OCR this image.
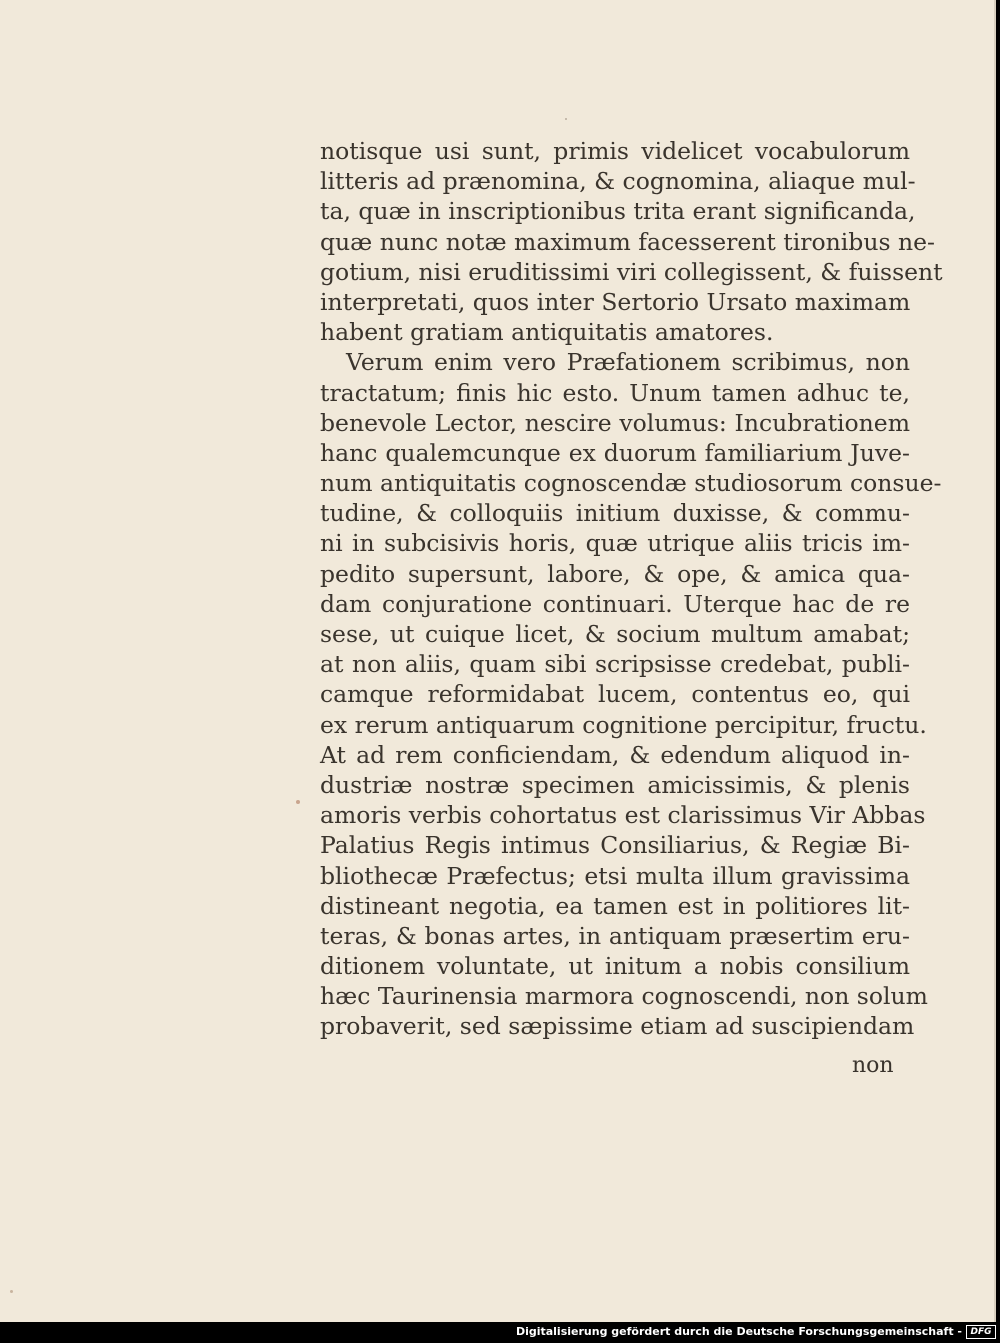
notisque usi sunt, primis videlicet vocabulorum
litteris ad prænomina, & cognomina, aliaque mul-
ta, quæ in inscriptionibus trita erant significanda,
quæ nunc notæ maximum facesserent tironibus ne-
gotium, nisi eruditissimi viri collegissent, & fuissent
interpretati, quos inter Sertorio Ursato maximam
habent gratiam antiquitatis amatores.
Verum enim vero Præfationem scribimus, non
tractatum; finis hic esto. Unum tamen adhuc te,
benevole Lector, nescire volumus: Incubrationem
hanc qualemcunque ex duorum familiarium Juve-
num antiquitatis cognoscendæ studiosorum consue-
tudine, & colloquiis initium duxisse, & commu-
ni in subcisivis horis, quæ utrique aliis tricis im-
pedito supersunt, labore, & ope, & amica qua-
dam conjuratione continuari. Uterque hac de re
sese, ut cuique licet, & socium multum amabat;
at non aliis, quam sibi scripsisse credebat, publi-
camque reformidabat lucem, contentus eo, qui
ex rerum antiquarum cognitione percipitur, fructu.
At ad rem conficiendam, & edendum aliquod in-
dustriæ nostræ specimen amicissimis, & plenis
amoris verbis cohortatus est clarissimus Vir Abbas
Palatius Regis intimus Consiliarius, & Regiæ Bi-
bliothecæ Præfectus; etsi multa illum gravissima
distineant negotia, ea tamen est in politiores lit-
teras, & bonas artes, in antiquam præsertim eru-
ditionem voluntate, ut initum a nobis consilium
hæc Taurinensia marmora cognoscendi, non solum
probaverit, sed sæpissime etiam ad suscipiendam
non
Digitalisierung gefördert durch die Deutsche Forschungsgemeinschaft - DFG
